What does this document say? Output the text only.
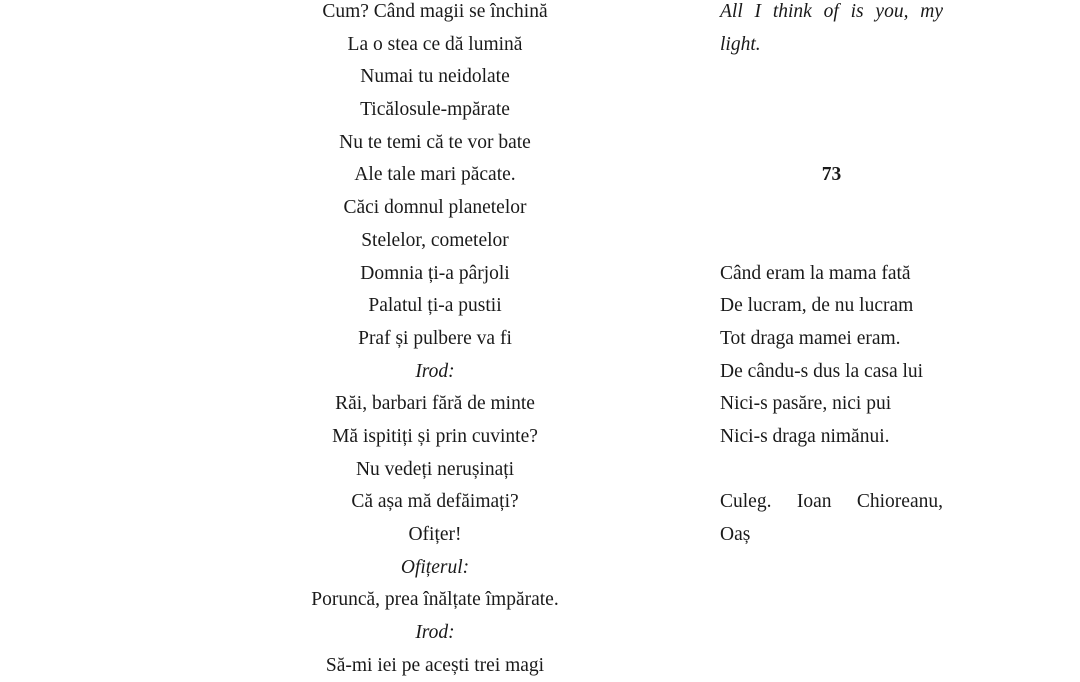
Cum? Când magii se închină
La o stea ce dă lumină
Numai tu neidolate
Ticălosule-mpărate
Nu te temi că te vor bate
Ale tale mari păcate.
Căci domnul planetelor
Stelelor, cometelor
Domnia ți-a pârjoli
Palatul ți-a pustii
Praf și pulbere va fi
Irod:
Răi, barbari fără de minte
Mă ispitiți și prin cuvinte?
Nu vedeți nerușinați
Că așa mă defăimați?
Ofițer!
Ofițerul:
Poruncă, prea înălțate împărate.
Irod:
Să-mi iei pe acești trei magi
All I think of is you, my
light.
73
Când eram la mama fată
De lucram, de nu lucram
Tot draga mamei eram.
De cându-s dus la casa lui
Nici-s pasăre, nici pui
Nici-s draga nimănui.
Culeg. Ioan Chioreanu,
Oaș
